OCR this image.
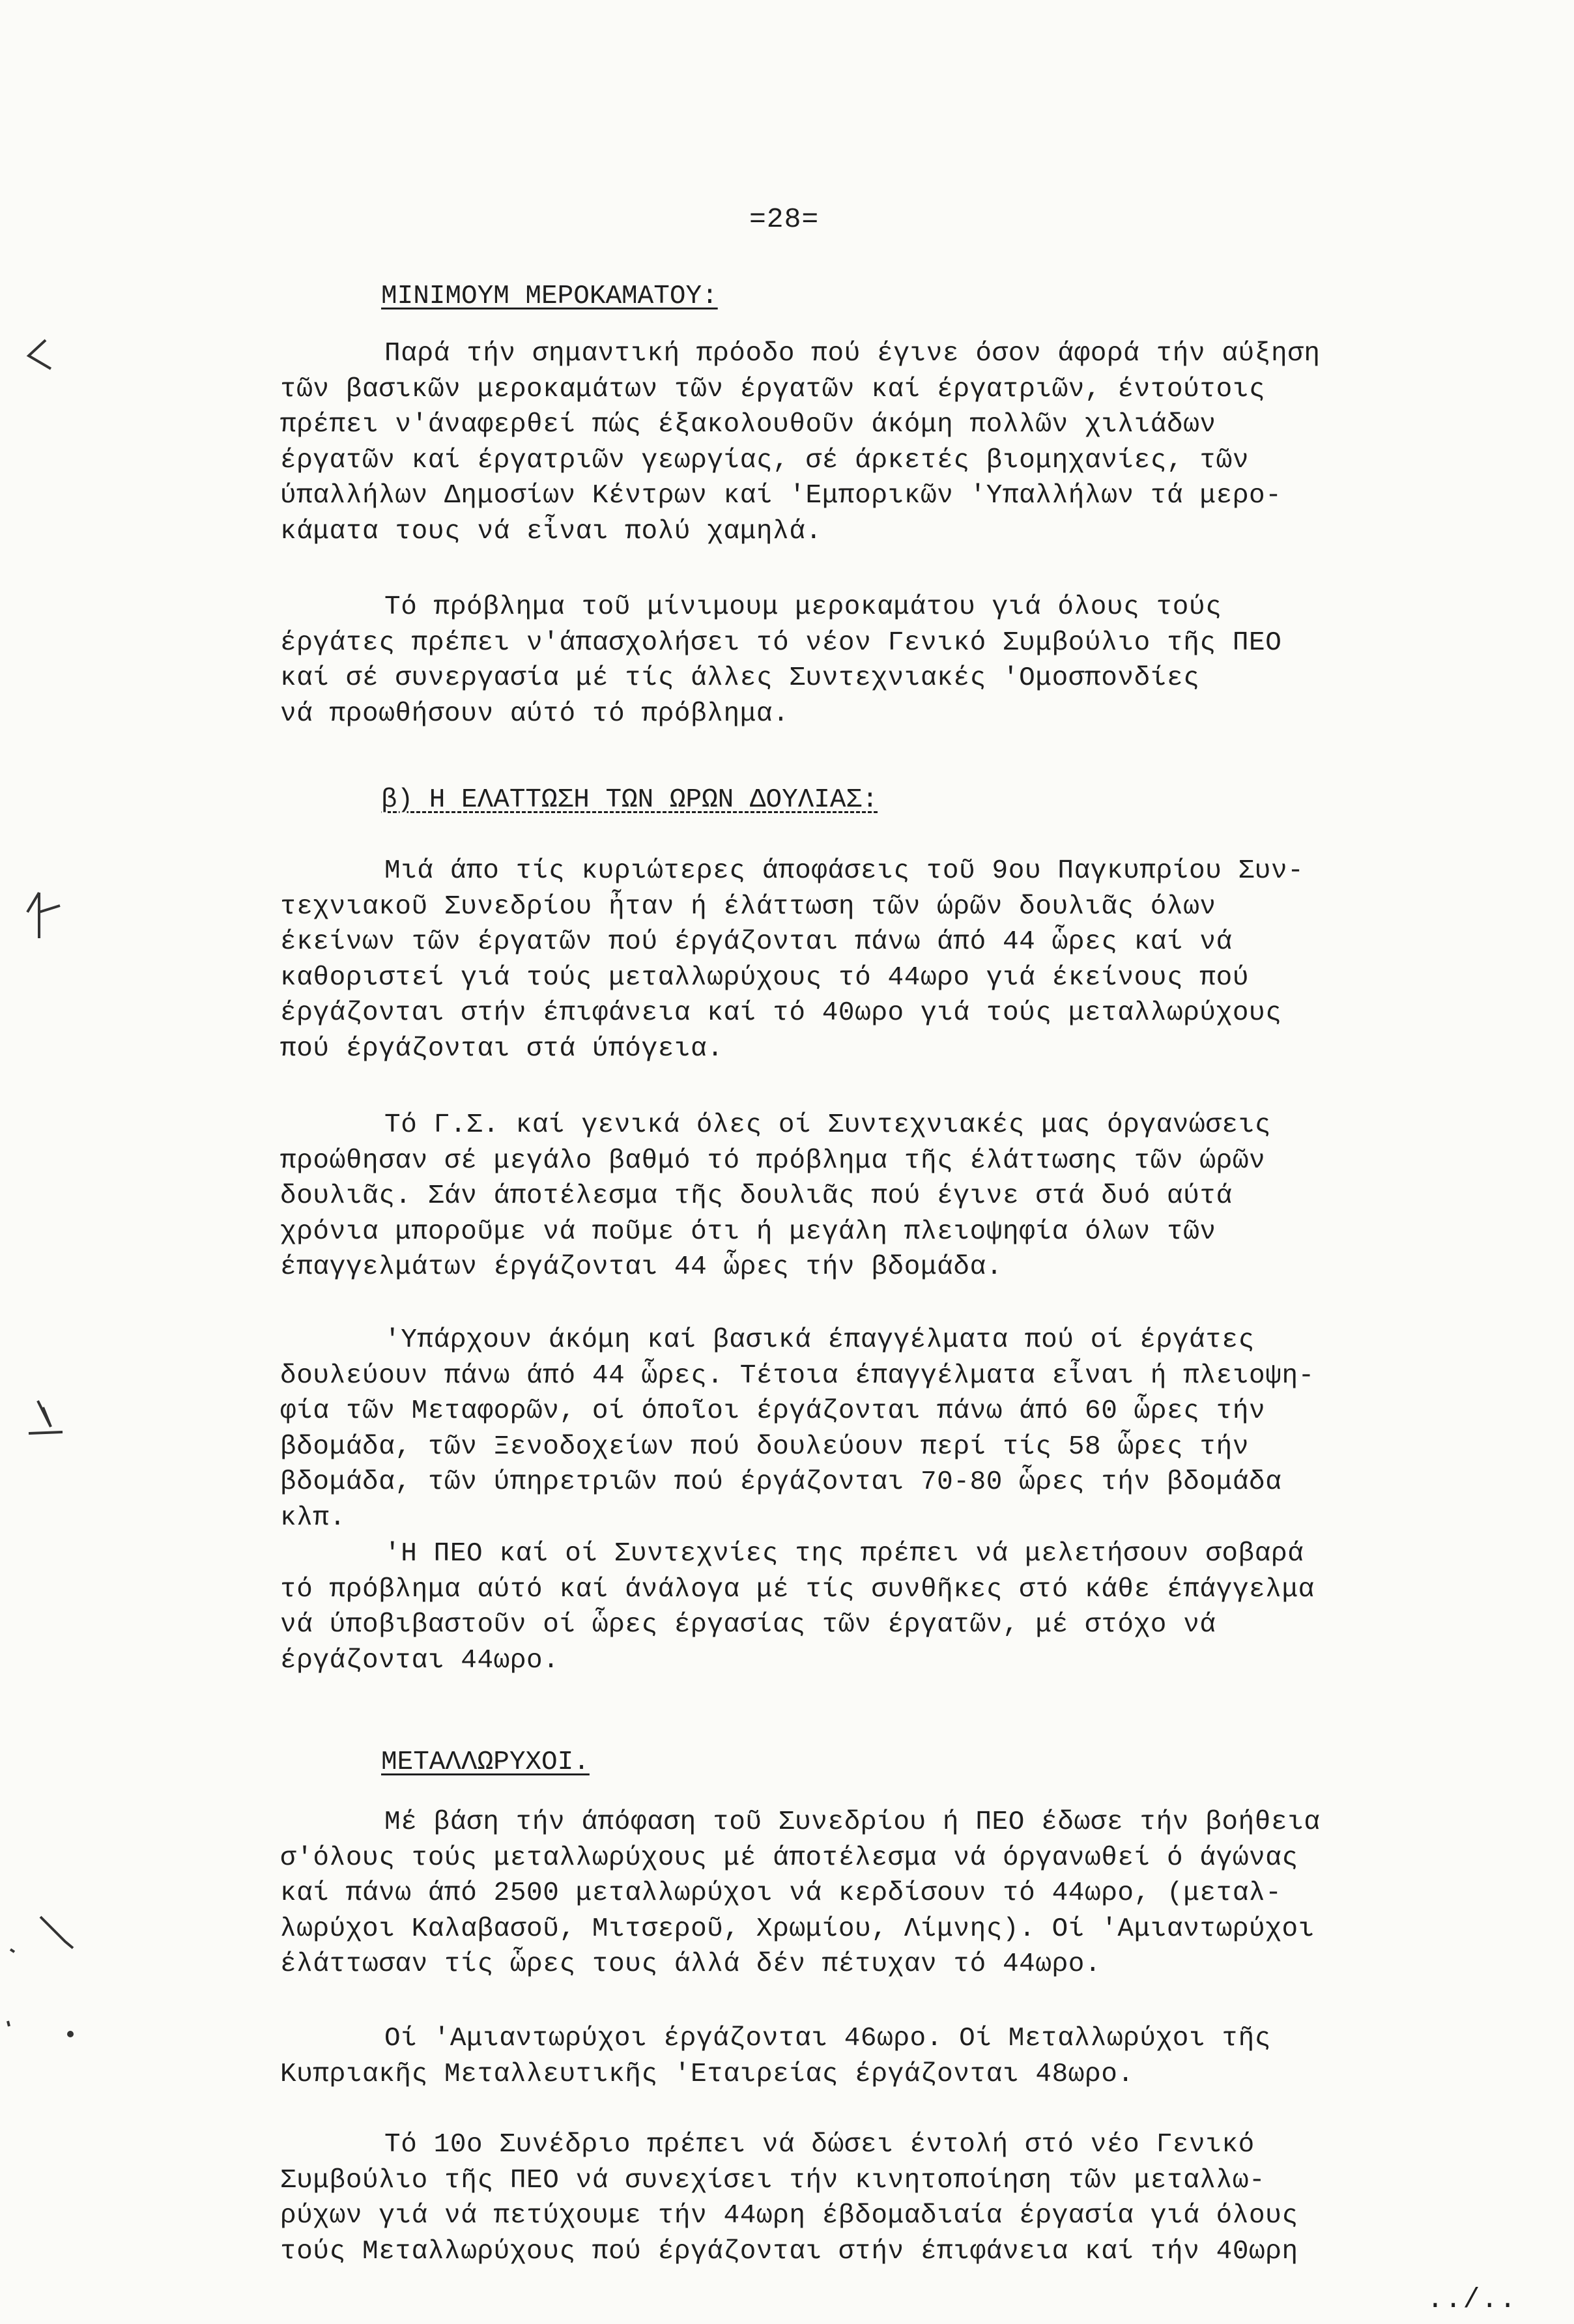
=28=
ΜΙΝΙΜΟΥΜ ΜΕΡΟΚΑΜΑΤΟΥ:
Παρά τήν σημαντική πρόοδο πού έγινε όσον άφορά τήν αύξηση
τῶν βασικῶν μεροκαμάτων τῶν έργατῶν καί έργατριῶν, έντούτοις
πρέπει ν'άναφερθεί πώς έξακολουθοῦν άκόμη πολλῶν χιλιάδων
έργατῶν καί έργατριῶν γεωργίας, σέ άρκετές βιομηχανίες, τῶν
ύπαλλήλων Δημοσίων Κέντρων καί 'Εμπορικῶν 'Υπαλλήλων τά μερο-
κάματα τους νά εἶναι πολύ χαμηλά.
Τό πρόβλημα τοῦ μίνιμουμ μεροκαμάτου γιά όλους τούς
έργάτες πρέπει ν'άπασχολήσει τό νέον Γενικό Συμβούλιο τῆς ΠΕΟ
καί σέ συνεργασία μέ τίς άλλες Συντεχνιακές 'Ομοσπονδίες
νά προωθήσουν αύτό τό πρόβλημα.
β) Η ΕΛΑΤΤΩΣΗ ΤΩΝ ΩΡΩΝ ΔΟΥΛΙΑΣ:
Μιά άπο τίς κυριώτερες άποφάσεις τοῦ 9ου Παγκυπρίου Συν-
τεχνιακοῦ Συνεδρίου ἦταν ή έλάττωση τῶν ώρῶν δουλιᾶς όλων
έκείνων τῶν έργατῶν πού έργάζονται πάνω άπό 44 ὧρες καί νά
καθοριστεί γιά τούς μεταλλωρύχους τό 44ωρο γιά έκείνους πού
έργάζονται στήν έπιφάνεια καί τό 40ωρο γιά τούς μεταλλωρύχους
πού έργάζονται στά ύπόγεια.
Τό Γ.Σ. καί γενικά όλες οί Συντεχνιακές μας όργανώσεις
προώθησαν σέ μεγάλο βαθμό τό πρόβλημα τῆς έλάττωσης τῶν ώρῶν
δουλιᾶς. Σάν άποτέλεσμα τῆς δουλιᾶς πού έγινε στά δυό αύτά
χρόνια μποροῦμε νά ποῦμε ότι ή μεγάλη πλειοψηφία όλων τῶν
έπαγγελμάτων έργάζονται 44 ὧρες τήν βδομάδα.
'Υπάρχουν άκόμη καί βασικά έπαγγέλματα πού οί έργάτες
δουλεύουν πάνω άπό 44 ὧρες. Τέτοια έπαγγέλματα εἶναι ή πλειοψη-
φία τῶν Μεταφορῶν, οί όποῖοι έργάζονται πάνω άπό 60 ὧρες τήν
βδομάδα, τῶν Ξενοδοχείων πού δουλεύουν περί τίς 58 ὧρες τήν
βδομάδα, τῶν ύπηρετριῶν πού έργάζονται 70-80 ὧρες τήν βδομάδα
κλπ.
'Η ΠΕΟ καί οί Συντεχνίες της πρέπει νά μελετήσουν σοβαρά
τό πρόβλημα αύτό καί άνάλογα μέ τίς συνθῆκες στό κάθε έπάγγελμα
νά ύποβιβαστοῦν οί ὧρες έργασίας τῶν έργατῶν, μέ στόχο νά
έργάζονται 44ωρο.
ΜΕΤΑΛΛΩΡΥΧΟΙ.
Μέ βάση τήν άπόφαση τοῦ Συνεδρίου ή ΠΕΟ έδωσε τήν βοήθεια
σ'όλους τούς μεταλλωρύχους μέ άποτέλεσμα νά όργανωθεί ό άγώνας
καί πάνω άπό 2500 μεταλλωρύχοι νά κερδίσουν τό 44ωρο, (μεταλ-
λωρύχοι Καλαβασοῦ, Μιτσεροῦ, Χρωμίου, Λίμνης). Οί 'Αμιαντωρύχοι
έλάττωσαν τίς ὧρες τους άλλά δέν πέτυχαν τό 44ωρο.
Οί 'Αμιαντωρύχοι έργάζονται 46ωρο. Οί Μεταλλωρύχοι τῆς
Κυπριακῆς Μεταλλευτικῆς 'Εταιρείας έργάζονται 48ωρο.
Τό 10ο Συνέδριο πρέπει νά δώσει έντολή στό νέο Γενικό
Συμβούλιο τῆς ΠΕΟ νά συνεχίσει τήν κινητοποίηση τῶν μεταλλω-
ρύχων γιά νά πετύχουμε τήν 44ωρη έβδομαδιαία έργασία γιά όλους
τούς Μεταλλωρύχους πού έργάζονται στήν έπιφάνεια καί τήν 40ωρη
../..
